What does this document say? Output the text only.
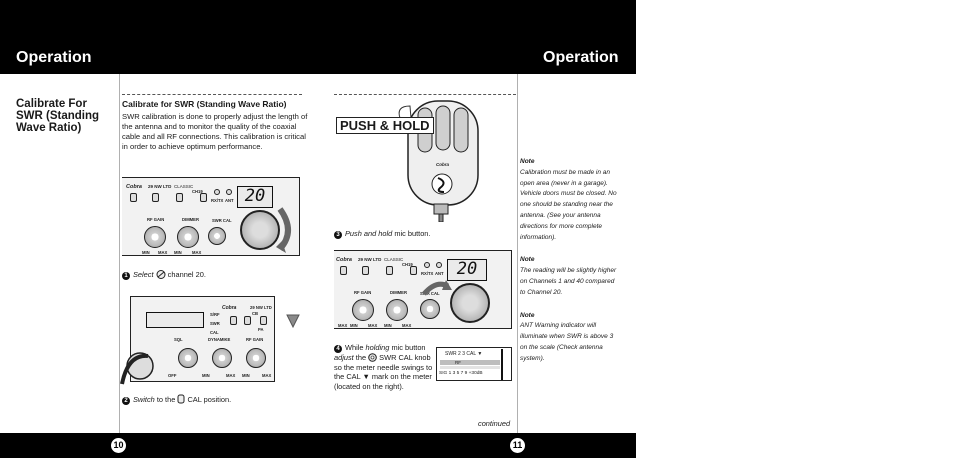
Operation	Operation
10	11
Calibrate For SWR (Standing Wave Ratio)
Calibrate for SWR (Standing Wave Ratio)
SWR calibration is done to properly adjust the length of the antenna and to monitor the quality of the coaxial cable and all RF connections. This calibration is critical in order to achieve optimum performance.
Cobra 29 NW LTD CLASSIC
CH19
RX/TX ANT 20
RF GAIN	DIMMER	SWR CAL
MIN MAX MIN MAX
1 Select  channel 20.
Cobra	29 NW LTD
S/RF
SWR
CAL
PA
CB
SQL	DYNAMIKE	RF GAIN
OFF	MIN	MAX MIN	MAX
2 Switch to the  CAL position.
Cobra
PUSH & HOLD
3 Push and hold mic button.
Cobra 29 NW LTD CLASSIC
CH19
RX/TX ANT 20
RF GAIN	DIMMER	SWR CAL
MAX MIN MAX MIN MAX
4 While holding mic button adjust the  SWR CAL knob so the meter needle swings to the CAL ▼ mark on the meter (located on the right).
SWR 2 3 CAL ▼
RF
SIG 1 3 5 7 9 +30dB
Note
Calibration must be made in an open area (never in a garage). Vehicle doors must be closed. No one should be standing near the antenna. (See your antenna directions for more complete information).
Note
The reading will be slightly higher on Channels 1 and 40 compared to Channel 20.
Note
ANT Warning indicator will illuminate when SWR is above 3 on the scale (Check antenna system).
continued
